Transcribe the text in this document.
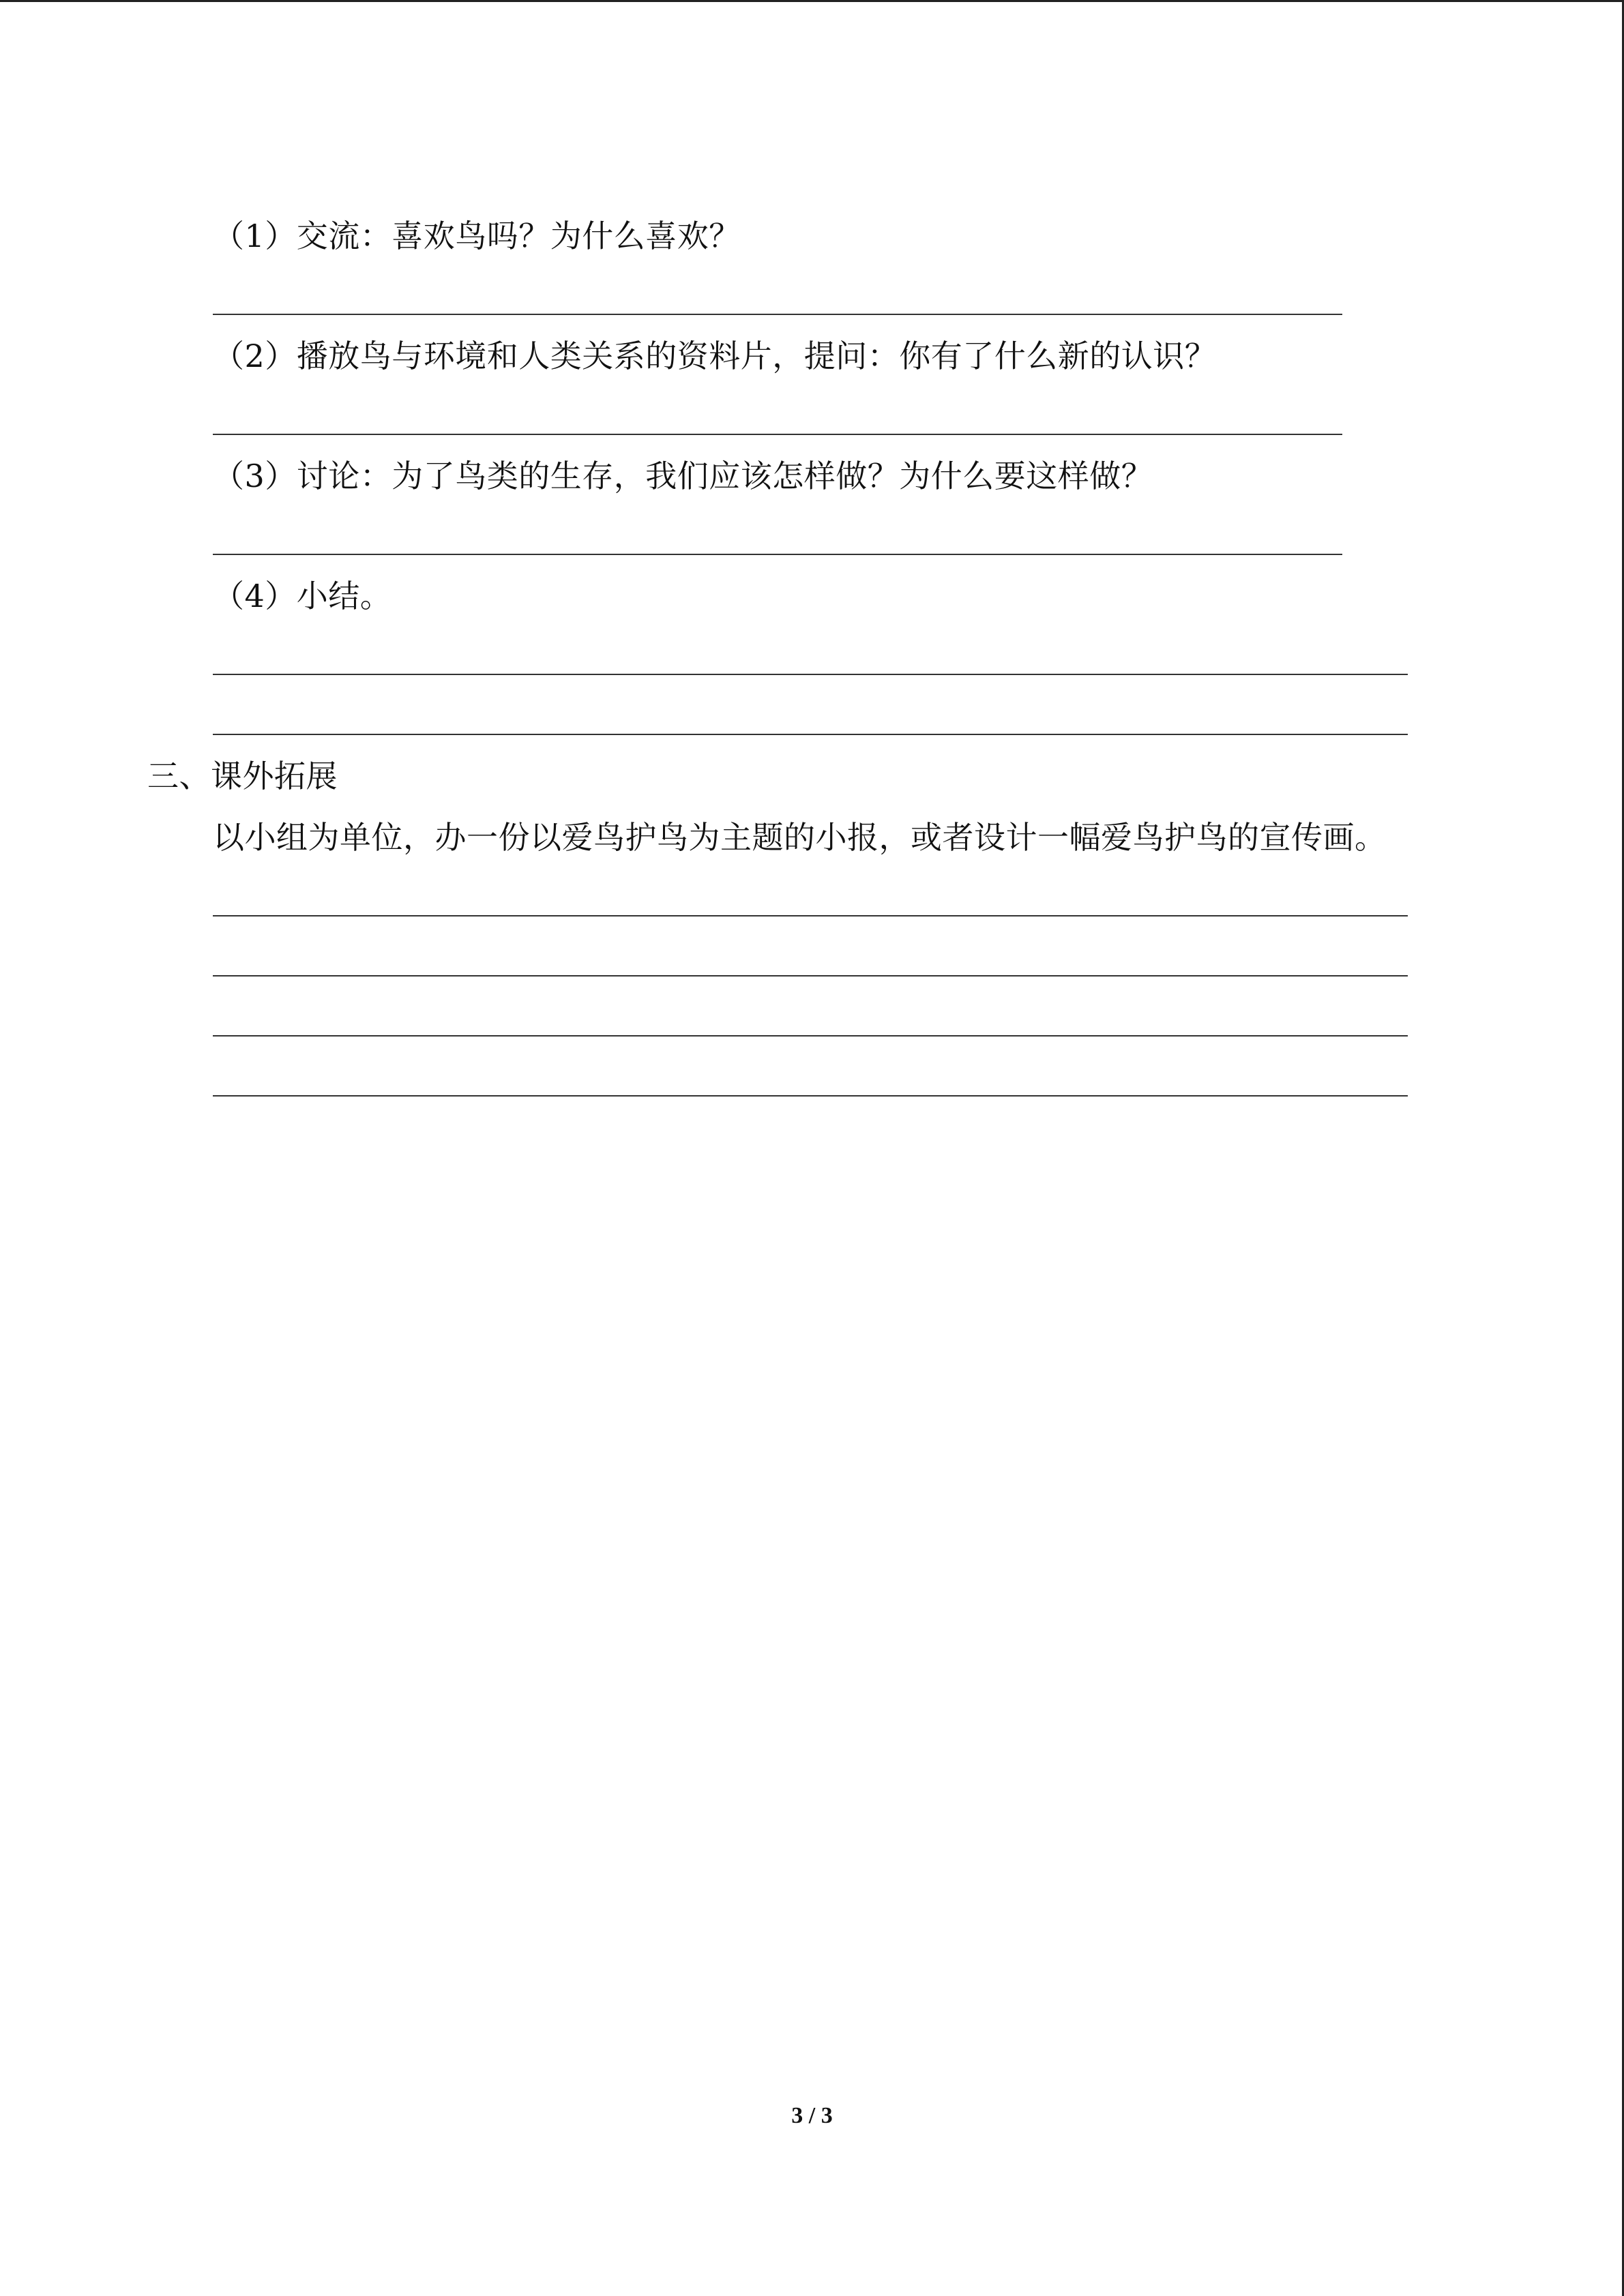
（1）交流：喜欢鸟吗？为什么喜欢？
（2）播放鸟与环境和人类关系的资料片，提问：你有了什么新的认识？
（3）讨论：为了鸟类的生存，我们应该怎样做？为什么要这样做？
（4）小结。
三、课外拓展
以小组为单位，办一份以爱鸟护鸟为主题的小报，或者设计一幅爱鸟护鸟的宣传画。
3 / 3
